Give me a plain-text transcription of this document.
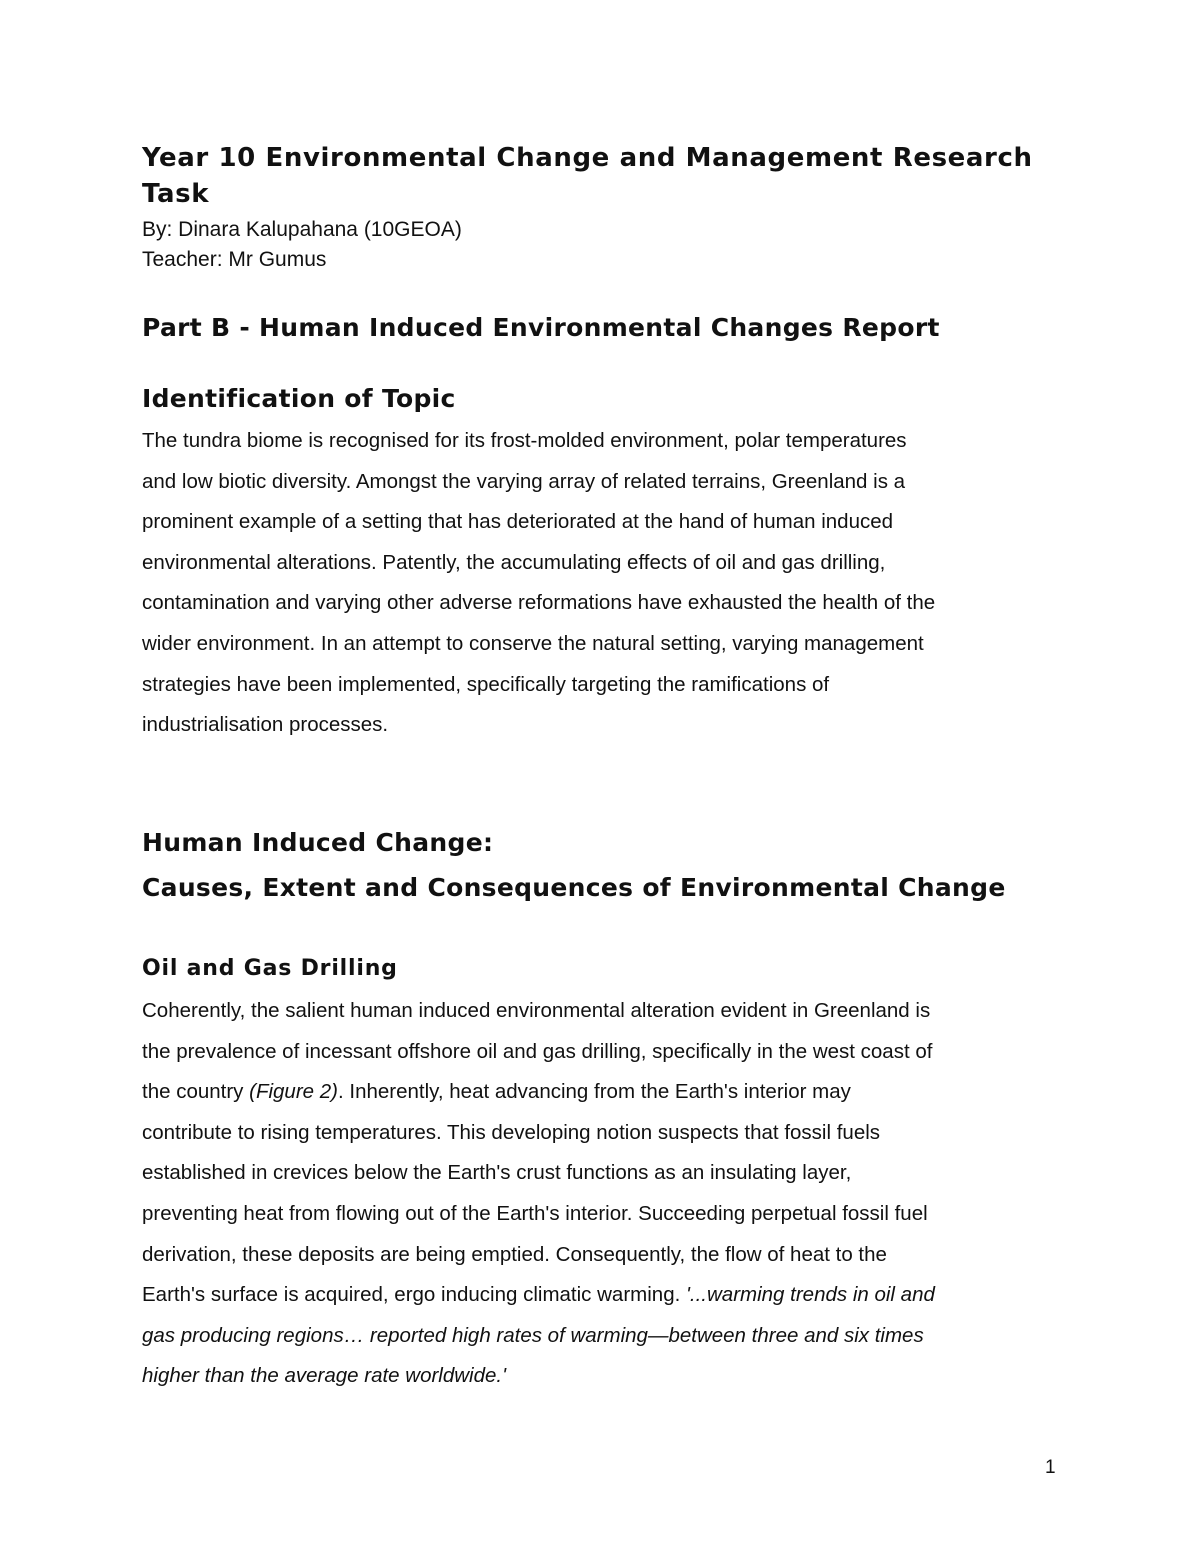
Year 10 Environmental Change and Management Research Task

By: Dinara Kalupahana (10GEOA)

Teacher: Mr Gumus

Part B - Human Induced Environmental Changes Report
Identification of Topic

The tundra biome is recognised for its frost-molded environment, polar temperatures
and low biotic diversity. Amongst the varying array of related terrains, Greenland is a
prominent example of a setting that has deteriorated at the hand of human induced
environmental alterations. Patently, the accumulating effects of oil and gas drilling,
contamination and varying other adverse reformations have exhausted the health of the
wider environment. In an attempt to conserve the natural setting, varying management
strategies have been implemented, specifically targeting the ramifications of
industrialisation processes.

Human Induced Change:
Causes, Extent and Consequences of Environmental Change
Oil and Gas Drilling

Coherently, the salient human induced environmental alteration evident in Greenland is
the prevalence of incessant offshore oil and gas drilling, specifically in the west coast of
the country (Figure 2). Inherently, heat advancing from the Earth's interior may
contribute to rising temperatures. This developing notion suspects that fossil fuels
established in crevices below the Earth's crust functions as an insulating layer,
preventing heat from flowing out of the Earth's interior. Succeeding perpetual fossil fuel
derivation, these deposits are being emptied. Consequently, the flow of heat to the
Earth's surface is acquired, ergo inducing climatic warming. '...warming trends in oil and
gas producing regions… reported high rates of warming—between three and six times
higher than the average rate worldwide.'

1
